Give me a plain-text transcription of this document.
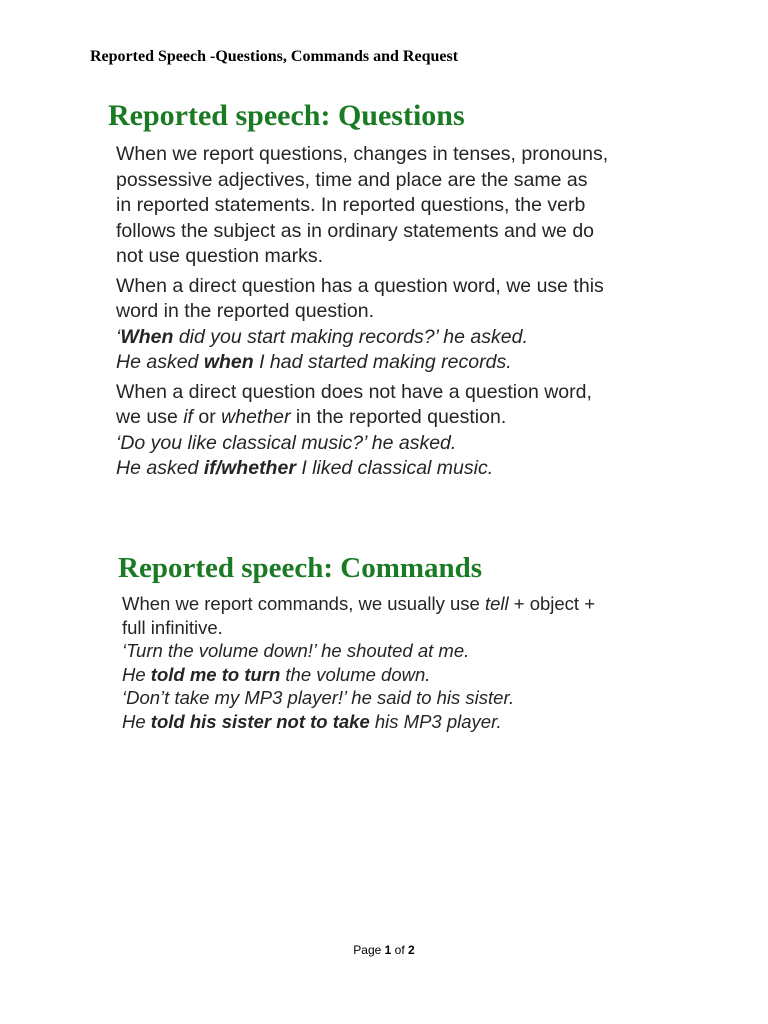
Reported Speech -Questions, Commands and Request
Reported speech: Questions
When we report questions, changes in tenses, pronouns,
possessive adjectives, time and place are the same as
in reported statements. In reported questions, the verb
follows the subject as in ordinary statements and we do
not use question marks.
When a direct question has a question word, we use this
word in the reported question.
‘When did you start making records?’ he asked.
He asked when I had started making records.
When a direct question does not have a question word,
we use if or whether in the reported question.
‘Do you like classical music?’ he asked.
He asked if/whether I liked classical music.
Reported speech: Commands
When we report commands, we usually use tell + object +
full infinitive.
‘Turn the volume down!’ he shouted at me.
He told me to turn the volume down.
‘Don’t take my MP3 player!’ he said to his sister.
He told his sister not to take his MP3 player.
Page 1 of 2
